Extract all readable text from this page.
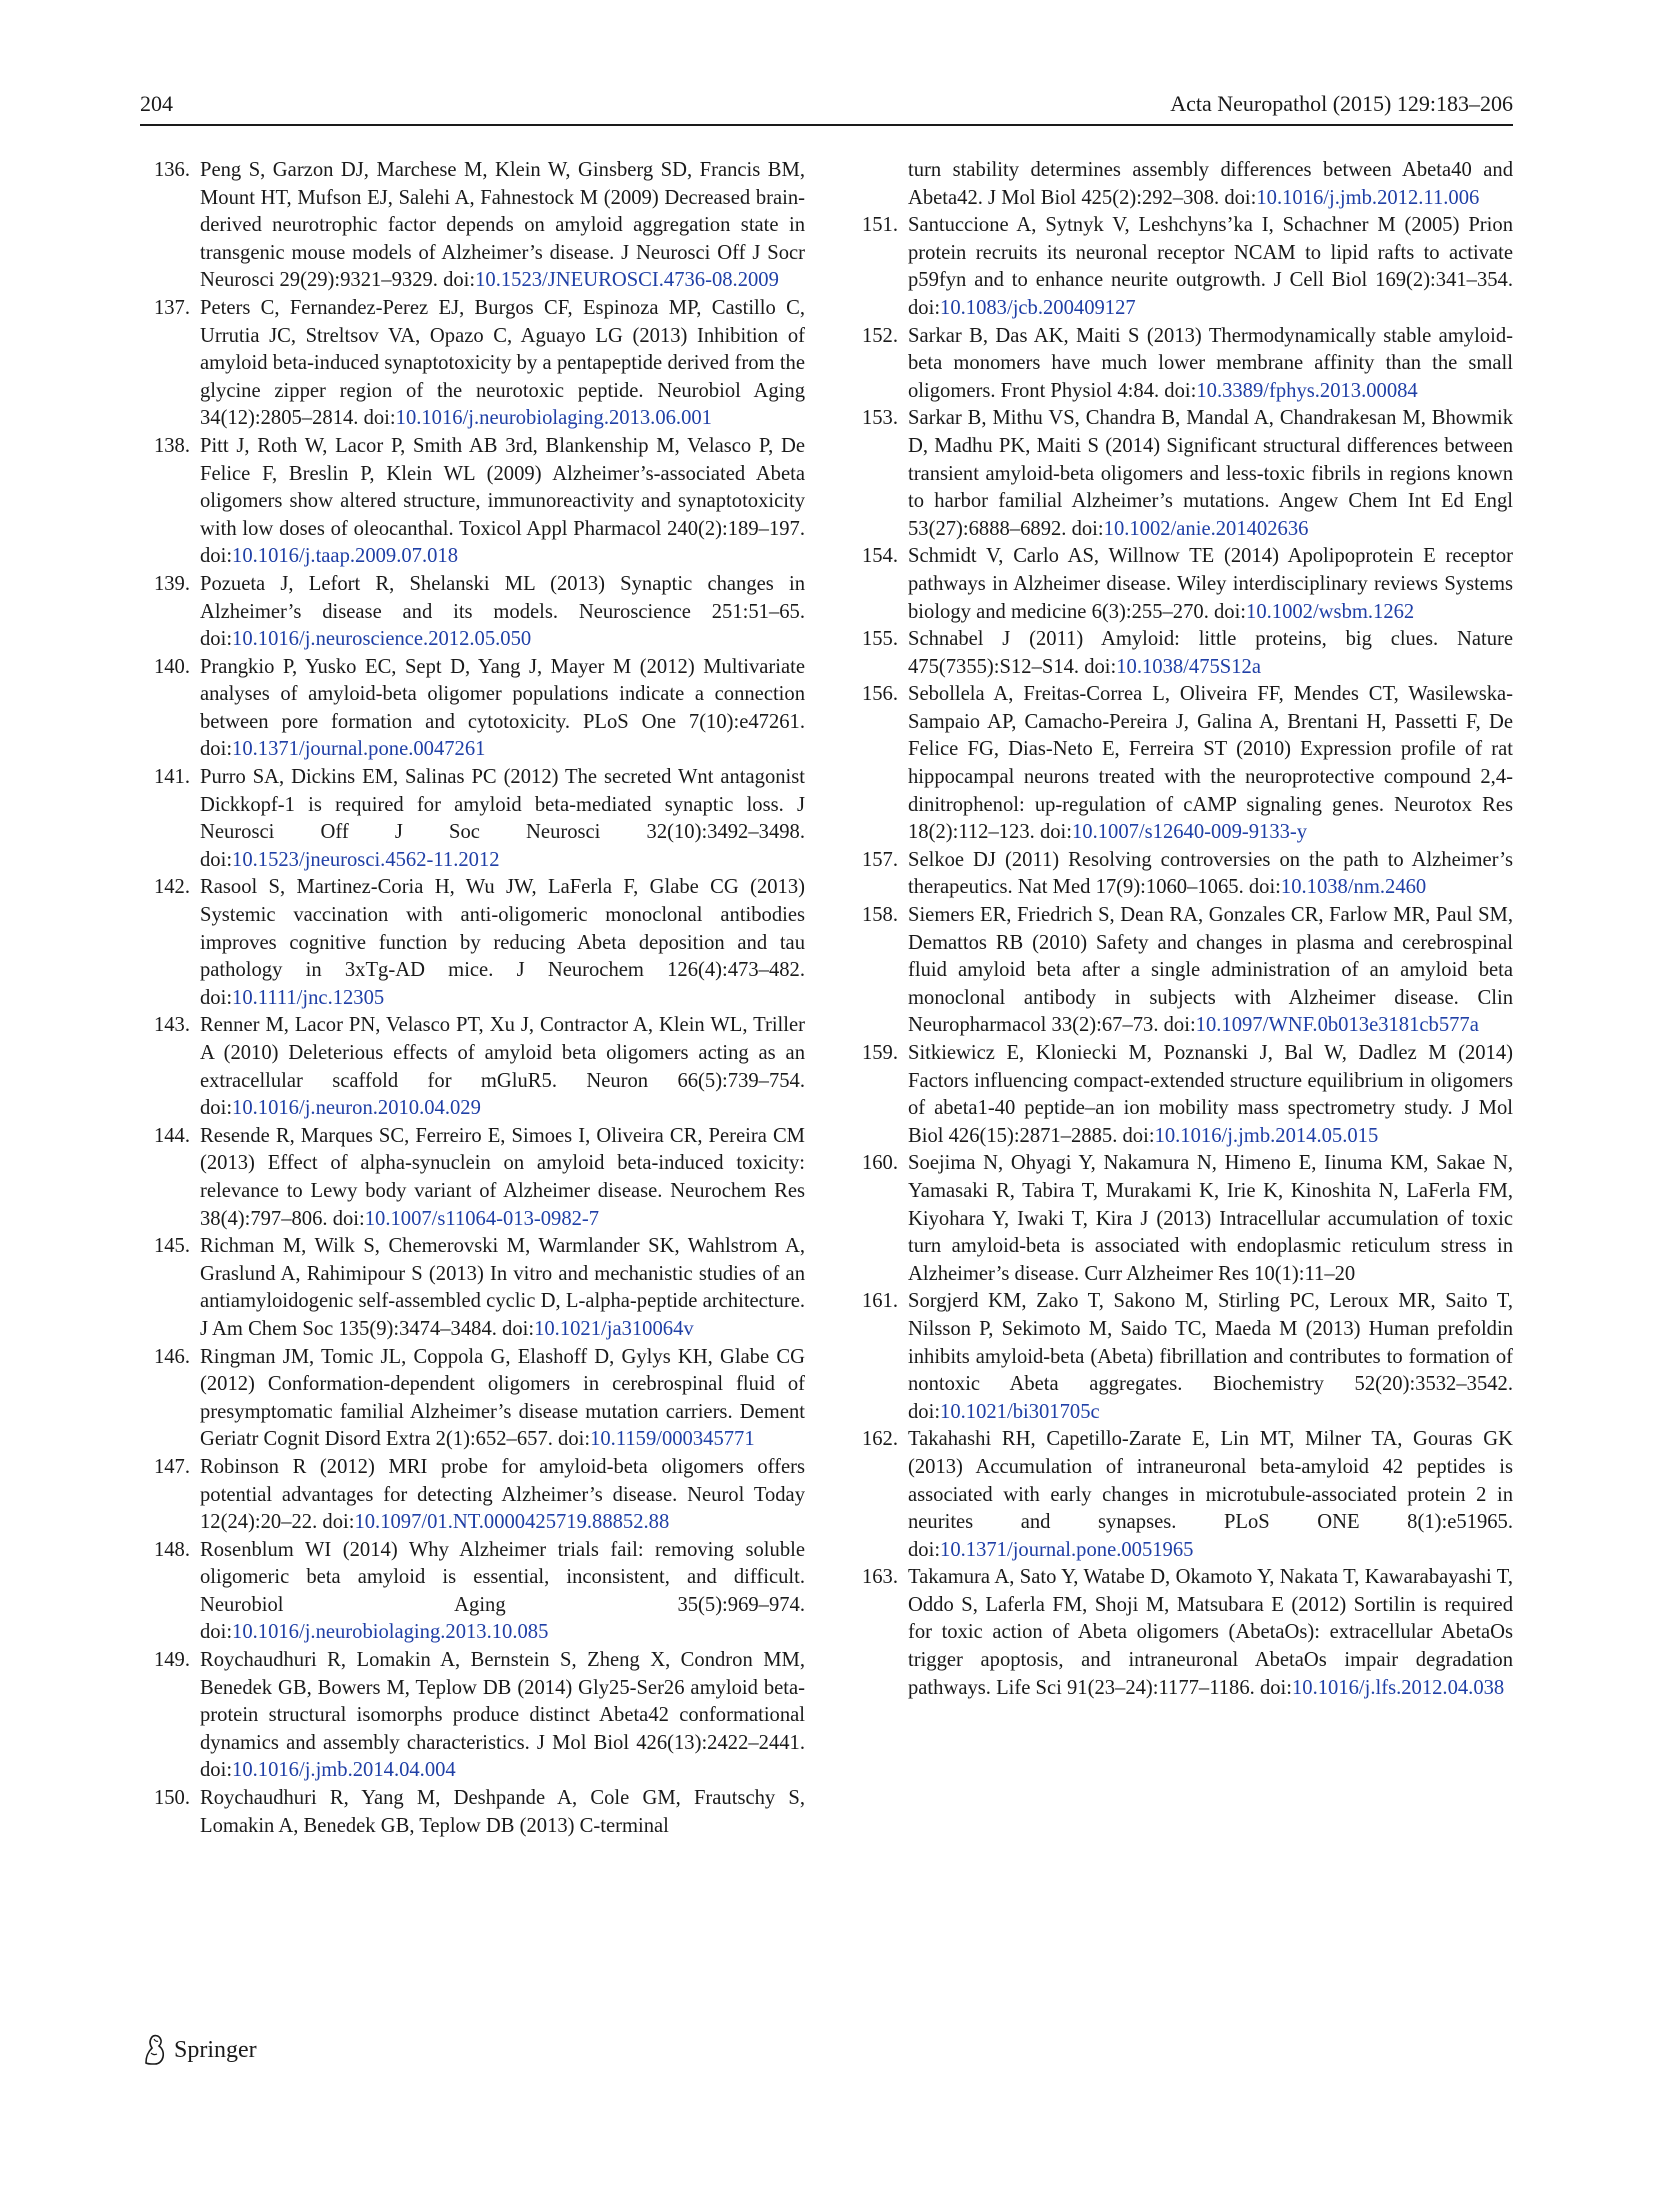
204	Acta Neuropathol (2015) 129:183–206
136. Peng S, Garzon DJ, Marchese M, Klein W, Ginsberg SD, Francis BM, Mount HT, Mufson EJ, Salehi A, Fahnestock M (2009) Decreased brain-derived neurotrophic factor depends on amyloid aggregation state in transgenic mouse models of Alzheimer’s disease. J Neurosci Off J Socr Neurosci 29(29):9321–9329. doi:10.1523/JNEUROSCI.4736-08.2009
137. Peters C, Fernandez-Perez EJ, Burgos CF, Espinoza MP, Castillo C, Urrutia JC, Streltsov VA, Opazo C, Aguayo LG (2013) Inhibition of amyloid beta-induced synaptotoxicity by a pentapeptide derived from the glycine zipper region of the neurotoxic peptide. Neurobiol Aging 34(12):2805–2814. doi:10.1016/j.neurobiolaging.2013.06.001
138. Pitt J, Roth W, Lacor P, Smith AB 3rd, Blankenship M, Velasco P, De Felice F, Breslin P, Klein WL (2009) Alzheimer’s-associated Abeta oligomers show altered structure, immunoreactivity and synaptotoxicity with low doses of oleocanthal. Toxicol Appl Pharmacol 240(2):189–197. doi:10.1016/j.taap.2009.07.018
139. Pozueta J, Lefort R, Shelanski ML (2013) Synaptic changes in Alzheimer’s disease and its models. Neuroscience 251:51–65. doi:10.1016/j.neuroscience.2012.05.050
140. Prangkio P, Yusko EC, Sept D, Yang J, Mayer M (2012) Multivariate analyses of amyloid-beta oligomer populations indicate a connection between pore formation and cytotoxicity. PLoS One 7(10):e47261. doi:10.1371/journal.pone.0047261
141. Purro SA, Dickins EM, Salinas PC (2012) The secreted Wnt antagonist Dickkopf-1 is required for amyloid beta-mediated synaptic loss. J Neurosci Off J Soc Neurosci 32(10):3492–3498. doi:10.1523/jneurosci.4562-11.2012
142. Rasool S, Martinez-Coria H, Wu JW, LaFerla F, Glabe CG (2013) Systemic vaccination with anti-oligomeric monoclonal antibodies improves cognitive function by reducing Abeta deposition and tau pathology in 3xTg-AD mice. J Neurochem 126(4):473–482. doi:10.1111/jnc.12305
143. Renner M, Lacor PN, Velasco PT, Xu J, Contractor A, Klein WL, Triller A (2010) Deleterious effects of amyloid beta oligomers acting as an extracellular scaffold for mGluR5. Neuron 66(5):739–754. doi:10.1016/j.neuron.2010.04.029
144. Resende R, Marques SC, Ferreiro E, Simoes I, Oliveira CR, Pereira CM (2013) Effect of alpha-synuclein on amyloid beta-induced toxicity: relevance to Lewy body variant of Alzheimer disease. Neurochem Res 38(4):797–806. doi:10.1007/s11064-013-0982-7
145. Richman M, Wilk S, Chemerovski M, Warmlander SK, Wahlstrom A, Graslund A, Rahimipour S (2013) In vitro and mechanistic studies of an antiamyloidogenic self-assembled cyclic D, L-alpha-peptide architecture. J Am Chem Soc 135(9):3474–3484. doi:10.1021/ja310064v
146. Ringman JM, Tomic JL, Coppola G, Elashoff D, Gylys KH, Glabe CG (2012) Conformation-dependent oligomers in cerebrospinal fluid of presymptomatic familial Alzheimer’s disease mutation carriers. Dement Geriatr Cognit Disord Extra 2(1):652–657. doi:10.1159/000345771
147. Robinson R (2012) MRI probe for amyloid-beta oligomers offers potential advantages for detecting Alzheimer’s disease. Neurol Today 12(24):20–22. doi:10.1097/01.NT.0000425719.88852.88
148. Rosenblum WI (2014) Why Alzheimer trials fail: removing soluble oligomeric beta amyloid is essential, inconsistent, and difficult. Neurobiol Aging 35(5):969–974. doi:10.1016/j.neurobiolaging.2013.10.085
149. Roychaudhuri R, Lomakin A, Bernstein S, Zheng X, Condron MM, Benedek GB, Bowers M, Teplow DB (2014) Gly25-Ser26 amyloid beta-protein structural isomorphs produce distinct Abeta42 conformational dynamics and assembly characteristics. J Mol Biol 426(13):2422–2441. doi:10.1016/j.jmb.2014.04.004
150. Roychaudhuri R, Yang M, Deshpande A, Cole GM, Frautschy S, Lomakin A, Benedek GB, Teplow DB (2013) C-terminal
turn stability determines assembly differences between Abeta40 and Abeta42. J Mol Biol 425(2):292–308. doi:10.1016/j.jmb.2012.11.006
151. Santuccione A, Sytnyk V, Leshchyns’ka I, Schachner M (2005) Prion protein recruits its neuronal receptor NCAM to lipid rafts to activate p59fyn and to enhance neurite outgrowth. J Cell Biol 169(2):341–354. doi:10.1083/jcb.200409127
152. Sarkar B, Das AK, Maiti S (2013) Thermodynamically stable amyloid-beta monomers have much lower membrane affinity than the small oligomers. Front Physiol 4:84. doi:10.3389/fphys.2013.00084
153. Sarkar B, Mithu VS, Chandra B, Mandal A, Chandrakesan M, Bhowmik D, Madhu PK, Maiti S (2014) Significant structural differences between transient amyloid-beta oligomers and less-toxic fibrils in regions known to harbor familial Alzheimer’s mutations. Angew Chem Int Ed Engl 53(27):6888–6892. doi:10.1002/anie.201402636
154. Schmidt V, Carlo AS, Willnow TE (2014) Apolipoprotein E receptor pathways in Alzheimer disease. Wiley interdisciplinary reviews Systems biology and medicine 6(3):255–270. doi:10.1002/wsbm.1262
155. Schnabel J (2011) Amyloid: little proteins, big clues. Nature 475(7355):S12–S14. doi:10.1038/475S12a
156. Sebollela A, Freitas-Correa L, Oliveira FF, Mendes CT, Wasilewska-Sampaio AP, Camacho-Pereira J, Galina A, Brentani H, Passetti F, De Felice FG, Dias-Neto E, Ferreira ST (2010) Expression profile of rat hippocampal neurons treated with the neuroprotective compound 2,4-dinitrophenol: up-regulation of cAMP signaling genes. Neurotox Res 18(2):112–123. doi:10.1007/s12640-009-9133-y
157. Selkoe DJ (2011) Resolving controversies on the path to Alzheimer’s therapeutics. Nat Med 17(9):1060–1065. doi:10.1038/nm.2460
158. Siemers ER, Friedrich S, Dean RA, Gonzales CR, Farlow MR, Paul SM, Demattos RB (2010) Safety and changes in plasma and cerebrospinal fluid amyloid beta after a single administration of an amyloid beta monoclonal antibody in subjects with Alzheimer disease. Clin Neuropharmacol 33(2):67–73. doi:10.1097/WNF.0b013e3181cb577a
159. Sitkiewicz E, Kloniecki M, Poznanski J, Bal W, Dadlez M (2014) Factors influencing compact-extended structure equilibrium in oligomers of abeta1-40 peptide–an ion mobility mass spectrometry study. J Mol Biol 426(15):2871–2885. doi:10.1016/j.jmb.2014.05.015
160. Soejima N, Ohyagi Y, Nakamura N, Himeno E, Iinuma KM, Sakae N, Yamasaki R, Tabira T, Murakami K, Irie K, Kinoshita N, LaFerla FM, Kiyohara Y, Iwaki T, Kira J (2013) Intracellular accumulation of toxic turn amyloid-beta is associated with endoplasmic reticulum stress in Alzheimer’s disease. Curr Alzheimer Res 10(1):11–20
161. Sorgjerd KM, Zako T, Sakono M, Stirling PC, Leroux MR, Saito T, Nilsson P, Sekimoto M, Saido TC, Maeda M (2013) Human prefoldin inhibits amyloid-beta (Abeta) fibrillation and contributes to formation of nontoxic Abeta aggregates. Biochemistry 52(20):3532–3542. doi:10.1021/bi301705c
162. Takahashi RH, Capetillo-Zarate E, Lin MT, Milner TA, Gouras GK (2013) Accumulation of intraneuronal beta-amyloid 42 peptides is associated with early changes in microtubule-associated protein 2 in neurites and synapses. PLoS ONE 8(1):e51965. doi:10.1371/journal.pone.0051965
163. Takamura A, Sato Y, Watabe D, Okamoto Y, Nakata T, Kawarabayashi T, Oddo S, Laferla FM, Shoji M, Matsubara E (2012) Sortilin is required for toxic action of Abeta oligomers (AbetaOs): extracellular AbetaOs trigger apoptosis, and intraneuronal AbetaOs impair degradation pathways. Life Sci 91(23–24):1177–1186. doi:10.1016/j.lfs.2012.04.038
Springer
